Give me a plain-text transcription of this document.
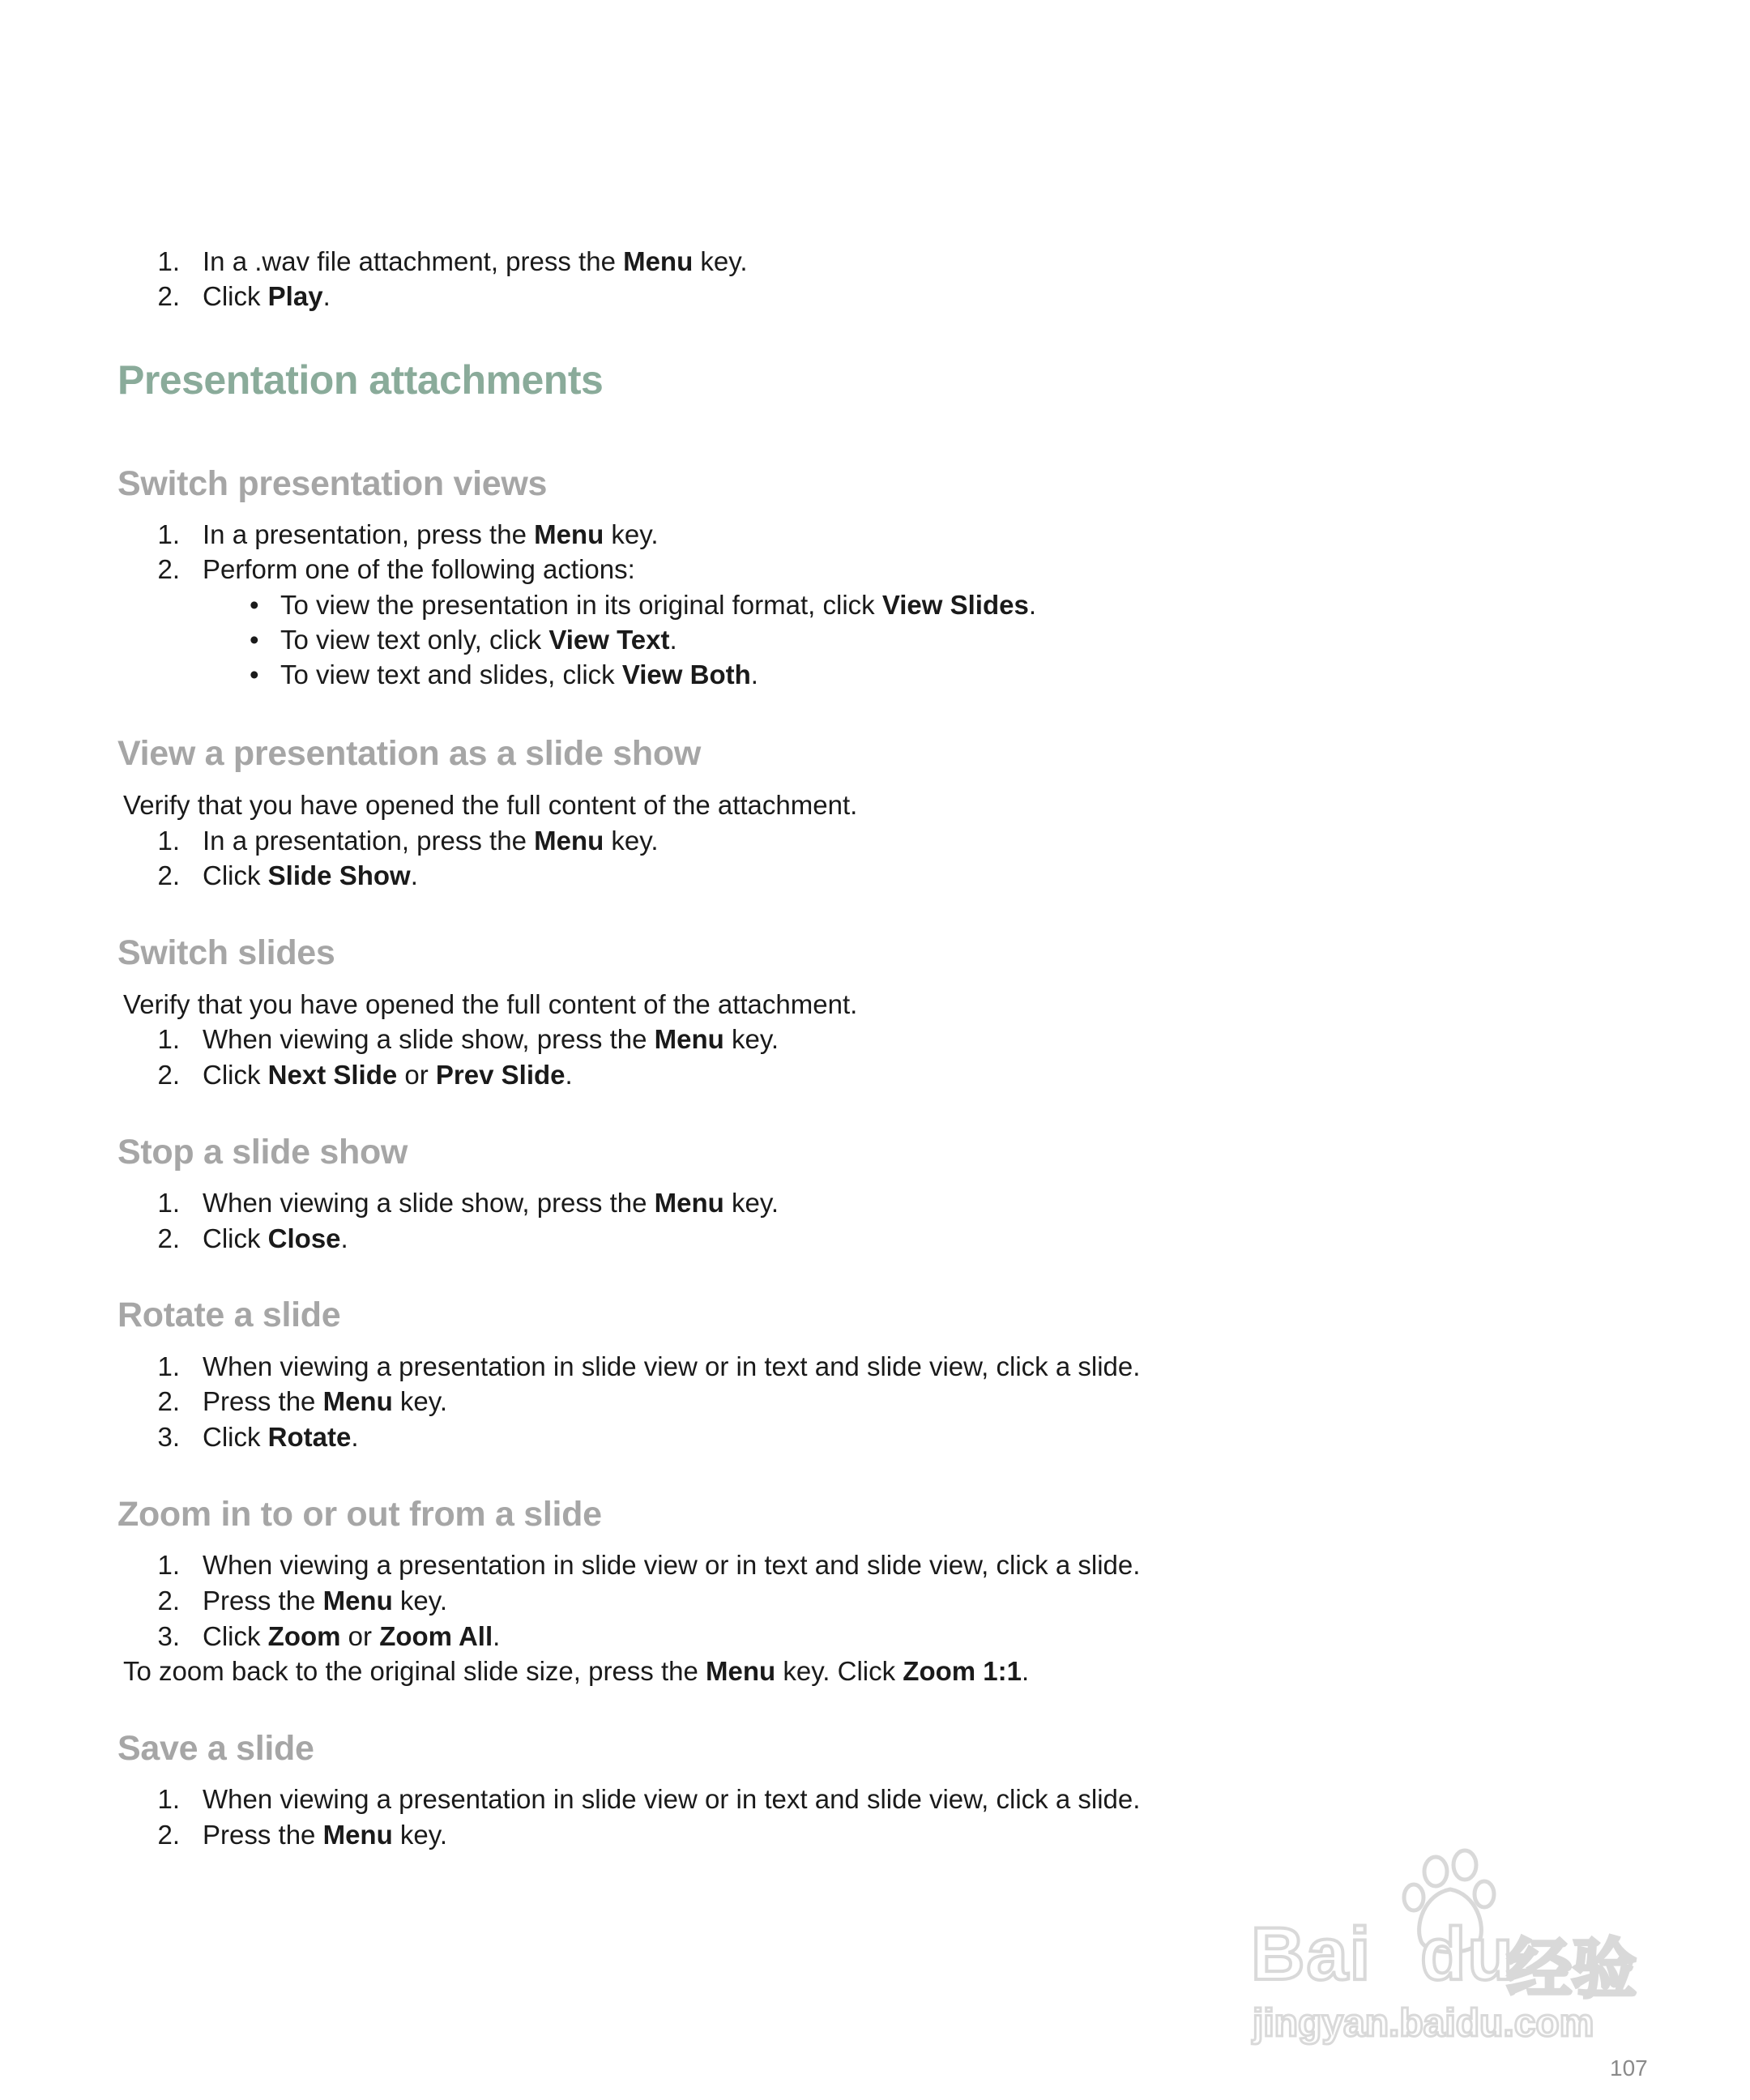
1. In a .wav file attachment, press the Menu key.
2. Click Play.
Presentation attachments
Switch presentation views
1. In a presentation, press the Menu key.
2. Perform one of the following actions:
• To view the presentation in its original format, click View Slides.
• To view text only, click View Text.
• To view text and slides, click View Both.
View a presentation as a slide show
Verify that you have opened the full content of the attachment.
1. In a presentation, press the Menu key.
2. Click Slide Show.
Switch slides
Verify that you have opened the full content of the attachment.
1. When viewing a slide show, press the Menu key.
2. Click Next Slide or Prev Slide.
Stop a slide show
1. When viewing a slide show, press the Menu key.
2. Click Close.
Rotate a slide
1. When viewing a presentation in slide view or in text and slide view, click a slide.
2. Press the Menu key.
3. Click Rotate.
Zoom in to or out from a slide
1. When viewing a presentation in slide view or in text and slide view, click a slide.
2. Press the Menu key.
3. Click Zoom or Zoom All.
To zoom back to the original slide size, press the Menu key. Click Zoom 1:1.
Save a slide
1. When viewing a presentation in slide view or in text and slide view, click a slide.
2. Press the Menu key.
Bai du
经验
jingyan.baidu.com
107
